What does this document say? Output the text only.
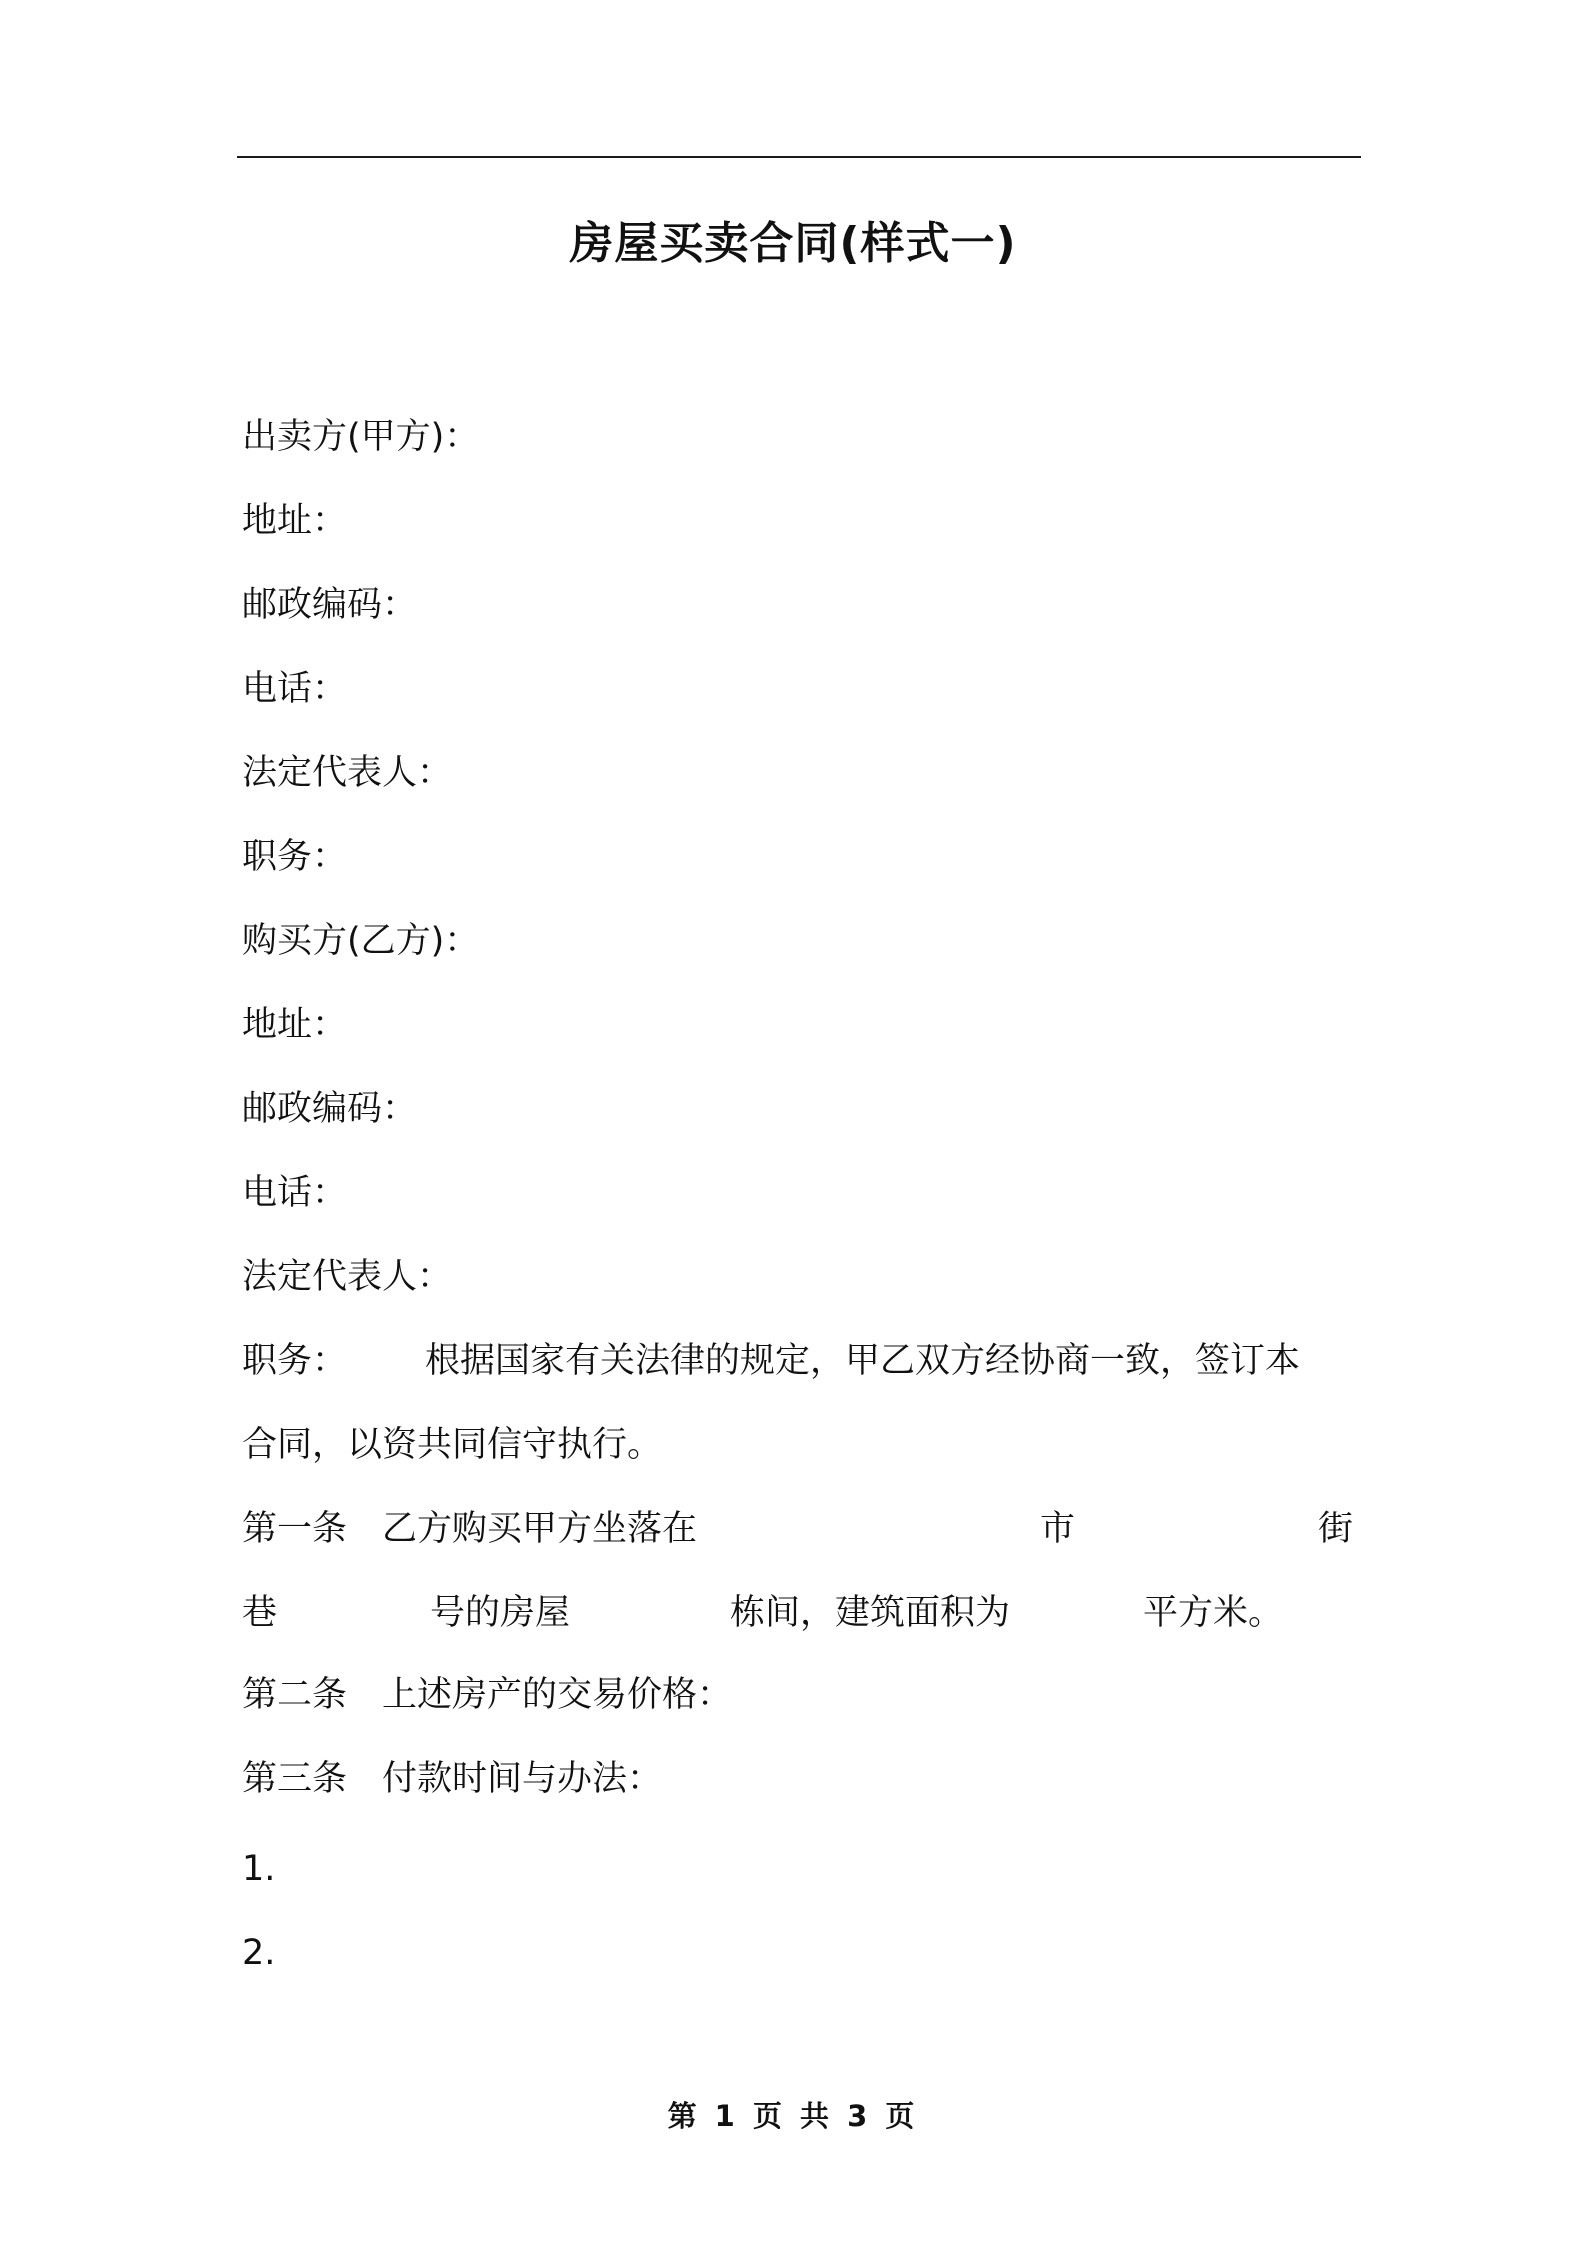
房屋买卖合同(样式一)
出卖方(甲方)：
地址：
邮政编码：
电话：
法定代表人：
职务：
购买方(乙方)：
地址：
邮政编码：
电话：
法定代表人：
职务： 根据国家有关法律的规定，甲乙双方经协商一致，签订本
合同，以资共同信守执行。
第一条　乙方购买甲方坐落在	市	街
巷	号的房屋	栋间，建筑面积为	平方米。
第二条　上述房产的交易价格：
第三条　付款时间与办法：
1.
2.
第 1 页 共 3 页
